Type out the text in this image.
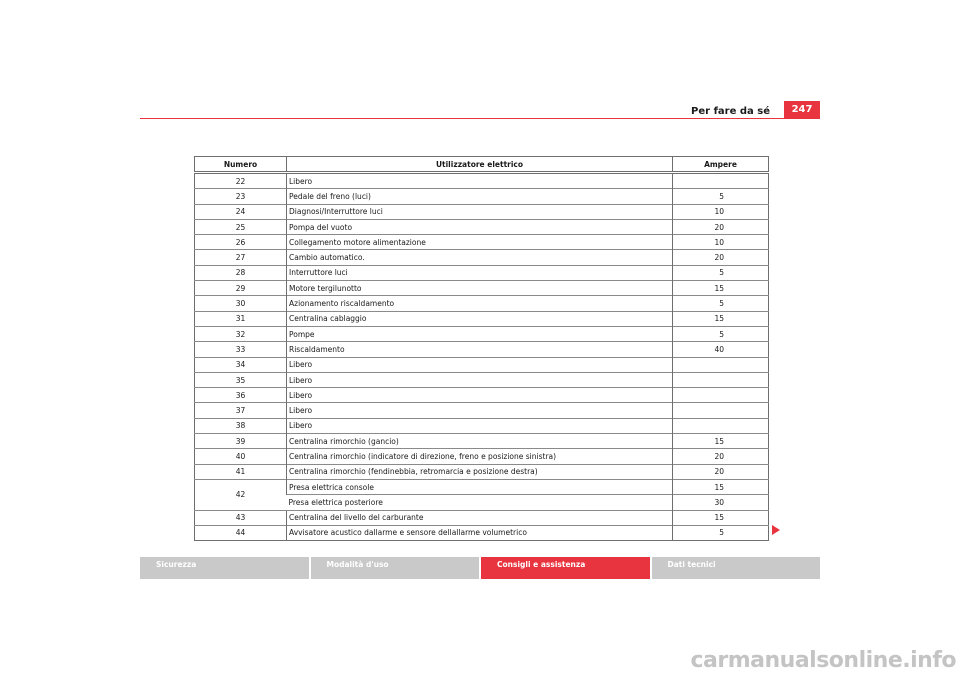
Per fare da sé	247
Numero	Utilizzatore elettrico	Ampere
22	Libero	
23	Pedale del freno (luci)	5
24	Diagnosi/Interruttore luci	10
25	Pompa del vuoto	20
26	Collegamento motore alimentazione	10
27	Cambio automatico.	20
28	Interruttore luci	5
29	Motore tergilunotto	15
30	Azionamento riscaldamento	5
31	Centralina cablaggio	15
32	Pompe	5
33	Riscaldamento	40
34	Libero	
35	Libero	
36	Libero	
37	Libero	
38	Libero	
39	Centralina rimorchio (gancio)	15
40	Centralina rimorchio (indicatore di direzione, freno e posizione sinistra)	20
41	Centralina rimorchio (fendinebbia, retromarcia e posizione destra)	20
42	Presa elettrica console	15
	Presa elettrica posteriore	30
43	Centralina del livello del carburante	15
44	Avvisatore acustico dallarme e sensore dellallarme volumetrico	5
Sicurezza	Modalità d'uso	Consigli e assistenza	Dati tecnici
carmanualsonline.info
